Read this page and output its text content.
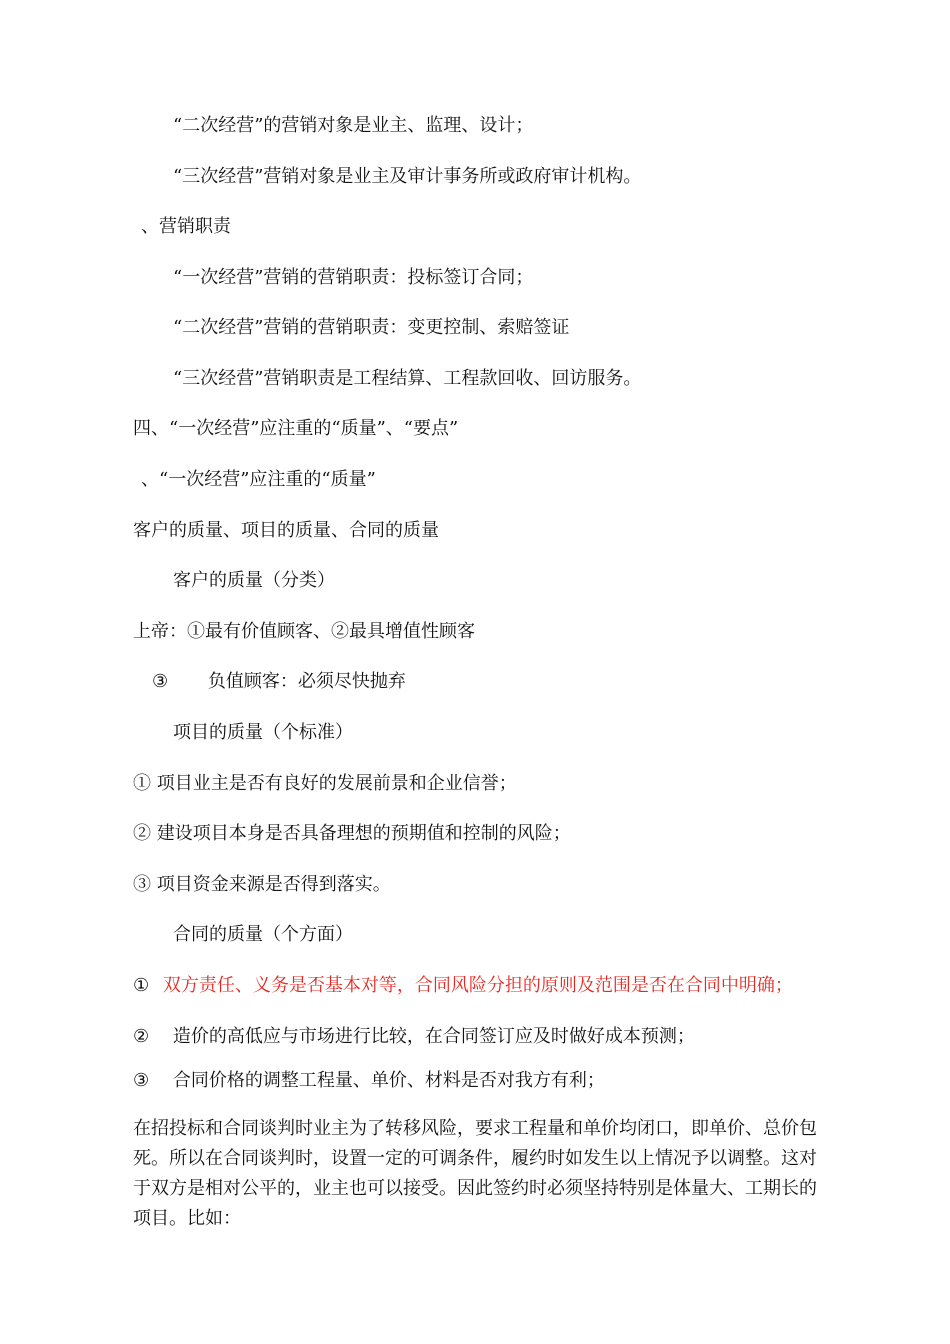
“二次经营”的营销对象是业主、监理、设计；
“三次经营”营销对象是业主及审计事务所或政府审计机构。
、营销职责
“一次经营”营销的营销职责：投标签订合同；
“二次经营”营销的营销职责：变更控制、索赔签证
“三次经营”营销职责是工程结算、工程款回收、回访服务。
四、“一次经营”应注重的“质量”、“要点”
、“一次经营”应注重的“质量”
客户的质量、项目的质量、合同的质量
客户的质量（分类）
上帝：①最有价值顾客、②最具增值性顾客
③ 负值顾客：必须尽快抛弃
项目的质量（个标准）
① 项目业主是否有良好的发展前景和企业信誉；
② 建设项目本身是否具备理想的预期值和控制的风险；
③ 项目资金来源是否得到落实。
合同的质量（个方面）
① 双方责任、义务是否基本对等，合同风险分担的原则及范围是否在合同中明确；
② 造价的高低应与市场进行比较，在合同签订应及时做好成本预测；
③ 合同价格的调整工程量、单价、材料是否对我方有利；
在招投标和合同谈判时业主为了转移风险，要求工程量和单价均闭口，即单价、总价包死。所以在合同谈判时，设置一定的可调条件，履约时如发生以上情况予以调整。这对于双方是相对公平的，业主也可以接受。因此签约时必须坚持特别是体量大、工期长的项目。比如：
